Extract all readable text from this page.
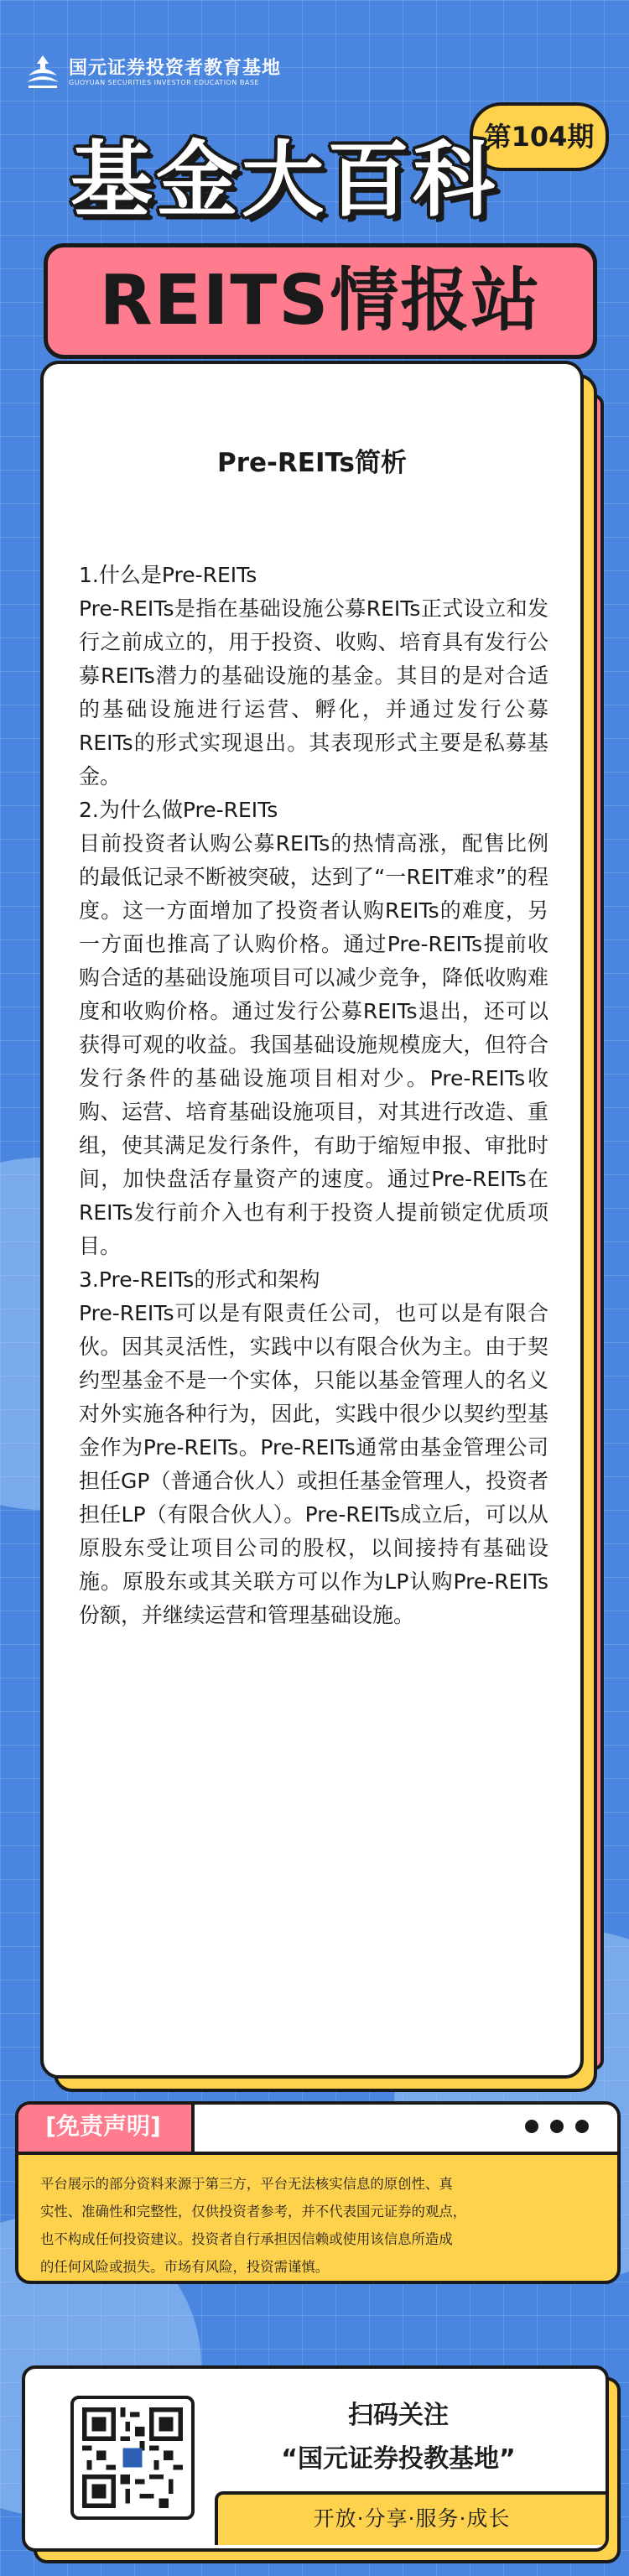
国元证券投资者教育基地
GUOYUAN SECURITIES INVESTOR EDUCATION BASE
第104期
基金大百科
REITS情报站
Pre-REITs简析

1.什么是Pre-REITs

Pre-REITs是指在基础设施公募REITs正式设立和发行之前成立的，用于投资、收购、培育具有发行公募REITs潜力的基础设施的基金。其目的是对合适的基础设施进行运营、孵化，并通过发行公募REITs的形式实现退出。其表现形式主要是私募基金。

2.为什么做Pre-REITs

目前投资者认购公募REITs的热情高涨，配售比例的最低记录不断被突破，达到了“一REIT难求”的程度。这一方面增加了投资者认购REITs的难度，另一方面也推高了认购价格。通过Pre-REITs提前收购合适的基础设施项目可以减少竞争，降低收购难度和收购价格。通过发行公募REITs退出，还可以获得可观的收益。我国基础设施规模庞大，但符合发行条件的基础设施项目相对少。Pre-REITs收购、运营、培育基础设施项目，对其进行改造、重组，使其满足发行条件，有助于缩短申报、审批时间，加快盘活存量资产的速度。通过Pre-REITs在REITs发行前介入也有利于投资人提前锁定优质项目。

3.Pre-REITs的形式和架构

Pre-REITs可以是有限责任公司，也可以是有限合伙。因其灵活性，实践中以有限合伙为主。由于契约型基金不是一个实体，只能以基金管理人的名义对外实施各种行为，因此，实践中很少以契约型基金作为Pre-REITs。Pre-REITs通常由基金管理公司担任GP（普通合伙人）或担任基金管理人，投资者担任LP（有限合伙人）。Pre-REITs成立后，可以从原股东受让项目公司的股权，以间接持有基础设施。原股东或其关联方可以作为LP认购Pre-REITs份额，并继续运营和管理基础设施。

[免责声明]

平台展示的部分资料来源于第三方，平台无法核实信息的原创性、真

实性、准确性和完整性，仅供投资者参考，并不代表国元证券的观点，

也不构成任何投资建议。投资者自行承担因信赖或使用该信息所造成

的任何风险或损失。市场有风险，投资需谨慎。

扫码关注
“国元证券投教基地”
开放·分享·服务·成长
